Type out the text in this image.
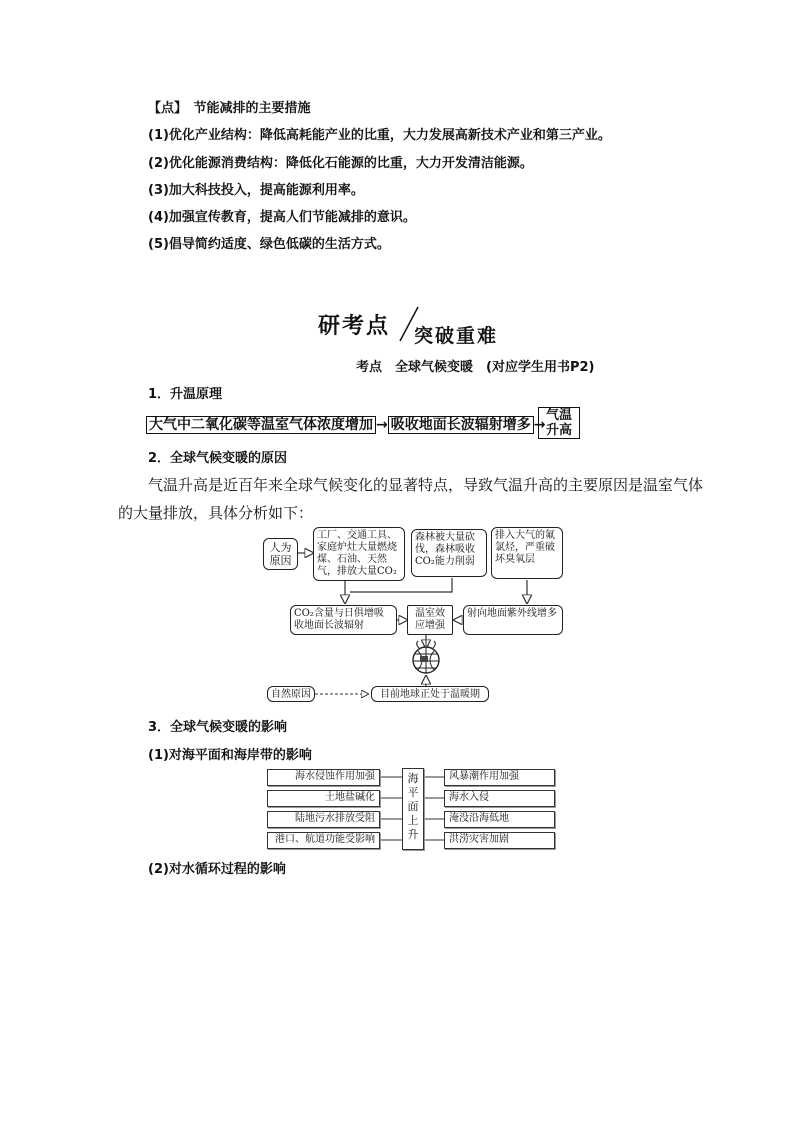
【点】　节能减排的主要措施
(1)优化产业结构：降低高耗能产业的比重，大力发展高新技术产业和第三产业。
(2)优化能源消费结构：降低化石能源的比重，大力开发清洁能源。
(3)加大科技投入，提高能源利用率。
(4)加强宣传教育，提高人们节能减排的意识。
(5)倡导简约适度、绿色低碳的生活方式。
研考点 突破重难
考点　全球气候变暖　(对应学生用书P2)
1．升温原理
大气中二氧化碳等温室气体浓度增加 → 吸收地面长波辐射增多 →
气温
升高
2．全球气候变暖的原因
气温升高是近百年来全球气候变化的显著特点，导致气温升高的主要原因是温室气体
的大量排放，具体分析如下：
人为原因
工厂、交通工具、家庭炉灶大量燃烧煤、石油、天然气，排放大量CO₂
森林被大量砍伐，森林吸收CO₂能力削弱
排入大气的氟氯烃，严重破坏臭氧层
CO₂含量与日俱增吸收地面长波辐射
温室效应增强
射向地面紫外线增多
自然原因	目前地球正处于温暖期
3．全球气候变暖的影响
(1)对海平面和海岸带的影响
海水侵蚀作用加强
土地盐碱化
陆地污水排放受阻
港口、航道功能受影响
海平面上升
风暴潮作用加强
海水入侵
淹没沿海低地
洪涝灾害加剧
(2)对水循环过程的影响
